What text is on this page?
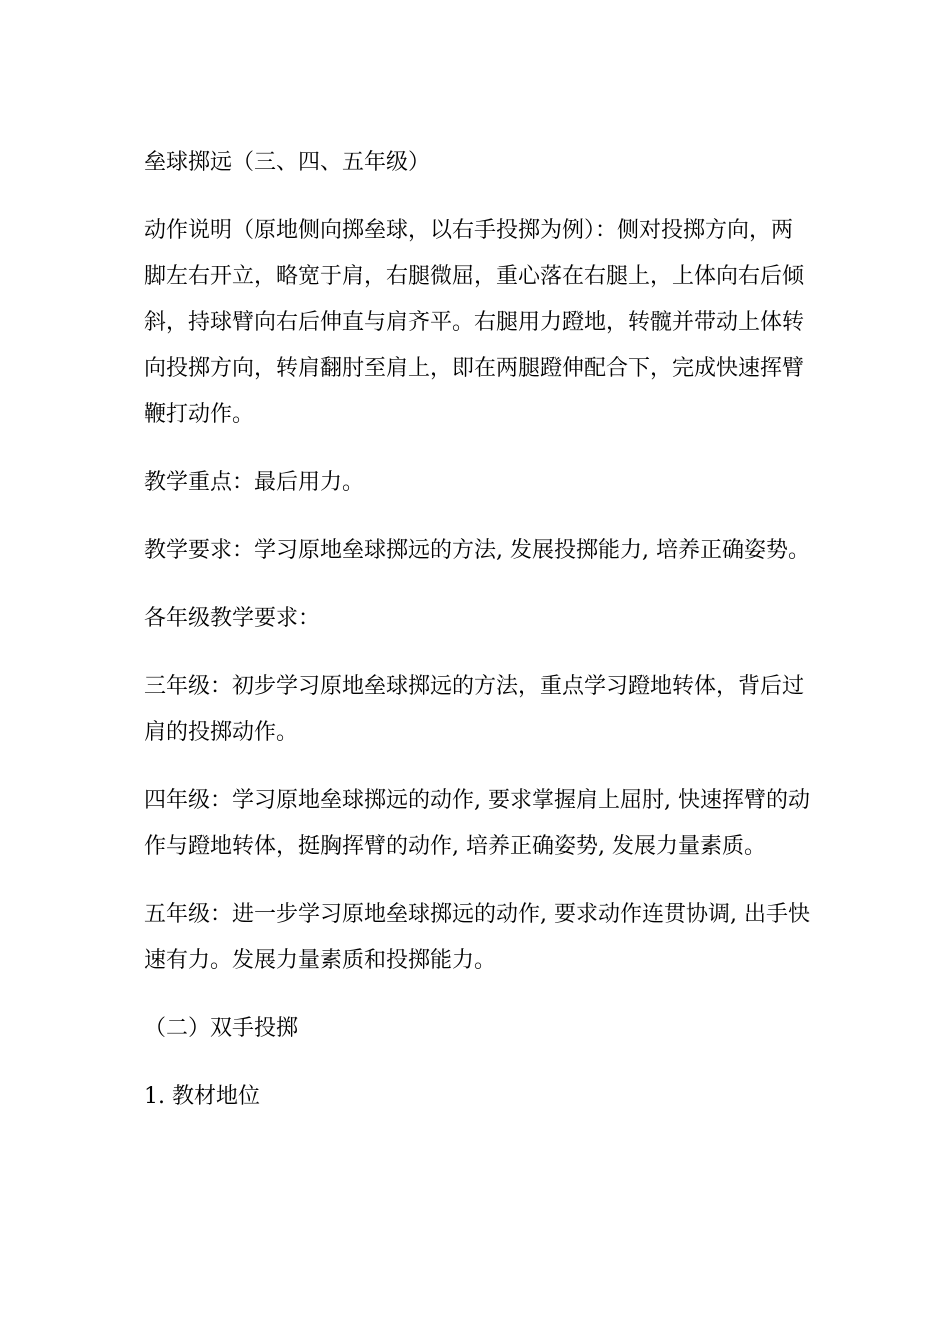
垒球掷远（三、四、五年级）

动作说明（原地侧向掷垒球，以右手投掷为例）：侧对投掷方向，两脚左右开立，略宽于肩，右腿微屈，重心落在右腿上，上体向右后倾斜，持球臂向右后伸直与肩齐平。右腿用力蹬地，转髋并带动上体转向投掷方向，转肩翻肘至肩上，即在两腿蹬伸配合下，完成快速挥臂鞭打动作。

教学重点：最后用力。

教学要求：学习原地垒球掷远的方法, 发展投掷能力, 培养正确姿势。

各年级教学要求：

三年级：初步学习原地垒球掷远的方法，重点学习蹬地转体，背后过肩的投掷动作。

四年级：学习原地垒球掷远的动作, 要求掌握肩上屈肘, 快速挥臂的动作与蹬地转体，挺胸挥臂的动作, 培养正确姿势, 发展力量素质。

五年级：进一步学习原地垒球掷远的动作, 要求动作连贯协调, 出手快速有力。发展力量素质和投掷能力。

（二）双手投掷

1. 教材地位
